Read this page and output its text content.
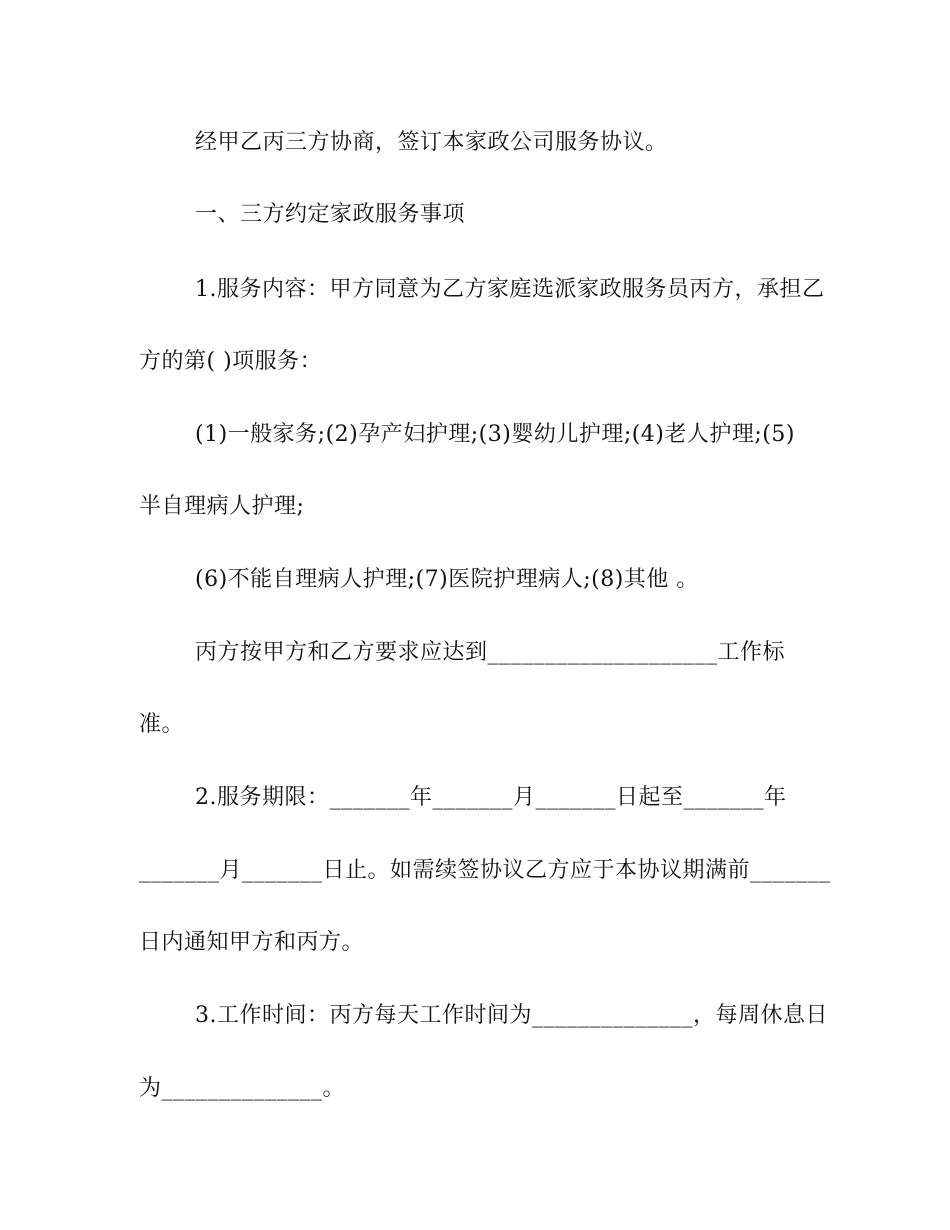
经甲乙丙三方协商，签订本家政公司服务协议。
一、三方约定家政服务事项
1.服务内容：甲方同意为乙方家庭选派家政服务员丙方，承担乙
方的第( )项服务：
(1)一般家务;(2)孕产妇护理;(3)婴幼儿护理;(4)老人护理;(5)
半自理病人护理;
(6)不能自理病人护理;(7)医院护理病人;(8)其他 。
丙方按甲方和乙方要求应达到____________________工作标
准。
2.服务期限：_______年_______月_______日起至_______年
_______月_______日止。如需续签协议乙方应于本协议期满前_______
日内通知甲方和丙方。
3.工作时间：丙方每天工作时间为______________，每周休息日
为______________。
